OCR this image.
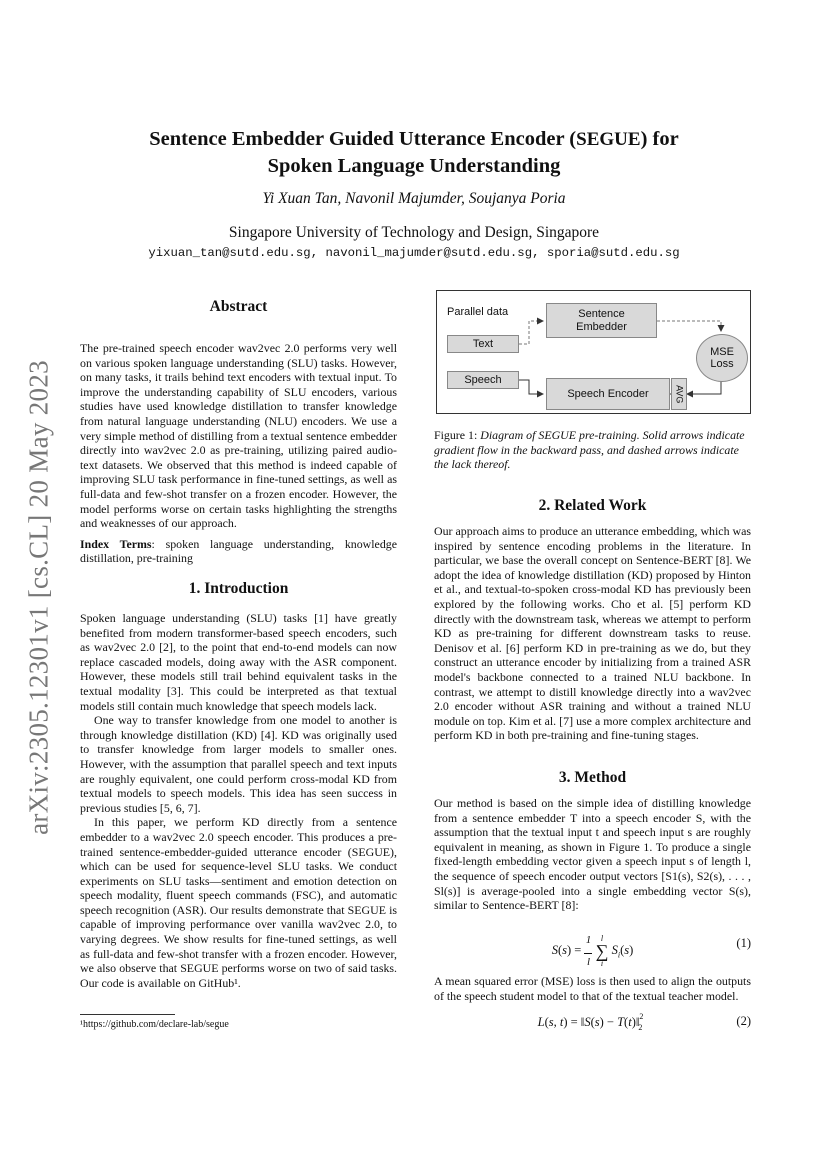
arXiv:2305.12301v1 [cs.CL] 20 May 2023
Sentence Embedder Guided Utterance Encoder (SEGUE) for
Spoken Language Understanding
Yi Xuan Tan, Navonil Majumder, Soujanya Poria
Singapore University of Technology and Design, Singapore
yixuan_tan@sutd.edu.sg, navonil_majumder@sutd.edu.sg, sporia@sutd.edu.sg
Abstract

The pre-trained speech encoder wav2vec 2.0 performs very well on various spoken language understanding (SLU) tasks. However, on many tasks, it trails behind text encoders with textual input. To improve the understanding capability of SLU encoders, various studies have used knowledge distillation to transfer knowledge from natural language understanding (NLU) encoders. We use a very simple method of distilling from a textual sentence embedder directly into wav2vec 2.0 as pre-training, utilizing paired audio-text datasets. We observed that this method is indeed capable of improving SLU task performance in fine-tuned settings, as well as full-data and few-shot transfer on a frozen encoder. However, the model performs worse on certain tasks highlighting the strengths and weaknesses of our approach.

Index Terms: spoken language understanding, knowledge distillation, pre-training

1. Introduction

Spoken language understanding (SLU) tasks [1] have greatly benefited from modern transformer-based speech encoders, such as wav2vec 2.0 [2], to the point that end-to-end models can now replace cascaded models, doing away with the ASR component. However, these models still trail behind equivalent tasks in the textual modality [3]. This could be interpreted as that textual models still contain much knowledge that speech models lack.

One way to transfer knowledge from one model to another is through knowledge distillation (KD) [4]. KD was originally used to transfer knowledge from larger models to smaller ones. However, with the assumption that parallel speech and text inputs are roughly equivalent, one could perform cross-modal KD from textual models to speech models. This idea has seen success in previous studies [5, 6, 7].

In this paper, we perform KD directly from a sentence embedder to a wav2vec 2.0 speech encoder. This produces a pre-trained sentence-embedder-guided utterance encoder (SEGUE), which can be used for sequence-level SLU tasks. We conduct experiments on SLU tasks—sentiment and emotion detection on speech modality, fluent speech commands (FSC), and automatic speech recognition (ASR). Our results demonstrate that SEGUE is capable of improving performance over vanilla wav2vec 2.0, to varying degrees. We show results for fine-tuned settings, as well as full-data and few-shot transfer with a frozen encoder. However, we also observe that SEGUE performs worse on two of said tasks. Our code is available on GitHub¹.

¹https://github.com/declare-lab/segue
Parallel data
Text
Speech
Sentence Embedder
Speech Encoder	AVG
MSE Loss
Figure 1: Diagram of SEGUE pre-training. Solid arrows indicate gradient flow in the backward pass, and dashed arrows indicate the lack thereof.
2. Related Work
Our approach aims to produce an utterance embedding, which was inspired by sentence encoding problems in the literature. In particular, we base the overall concept on Sentence-BERT [8]. We adopt the idea of knowledge distillation (KD) proposed by Hinton et al., and textual-to-spoken cross-modal KD has previously been explored by the following works. Cho et al. [5] perform KD directly with the downstream task, whereas we attempt to perform KD as pre-training for different downstream tasks to reuse. Denisov et al. [6] perform KD in pre-training as we do, but they construct an utterance encoder by initializing from a trained ASR model's backbone connected to a trained NLU backbone. In contrast, we attempt to distill knowledge directly into a wav2vec 2.0 encoder without ASR training and without a trained NLU module on top. Kim et al. [7] use a more complex architecture and perform KD in both pre-training and fine-tuning stages.
3. Method
Our method is based on the simple idea of distilling knowledge from a sentence embedder T into a speech encoder S, with the assumption that the textual input t and speech input s are roughly equivalent in meaning, as shown in Figure 1. To produce a single fixed-length embedding vector given a speech input s of length l, the sequence of speech encoder output vectors [S1(s), S2(s), . . . , Sl(s)] is average-pooled into a single embedding vector S(s), similar to Sentence-BERT [8]:
$S(s) = \frac{1}{l}$ l
∑
i $S_i(s)$	(1)
A mean squared error (MSE) loss is then used to align the outputs of the speech student model to that of the textual teacher model.
L(s, t) = ‖S(s) − T(t)‖$^2_2$	(2)
